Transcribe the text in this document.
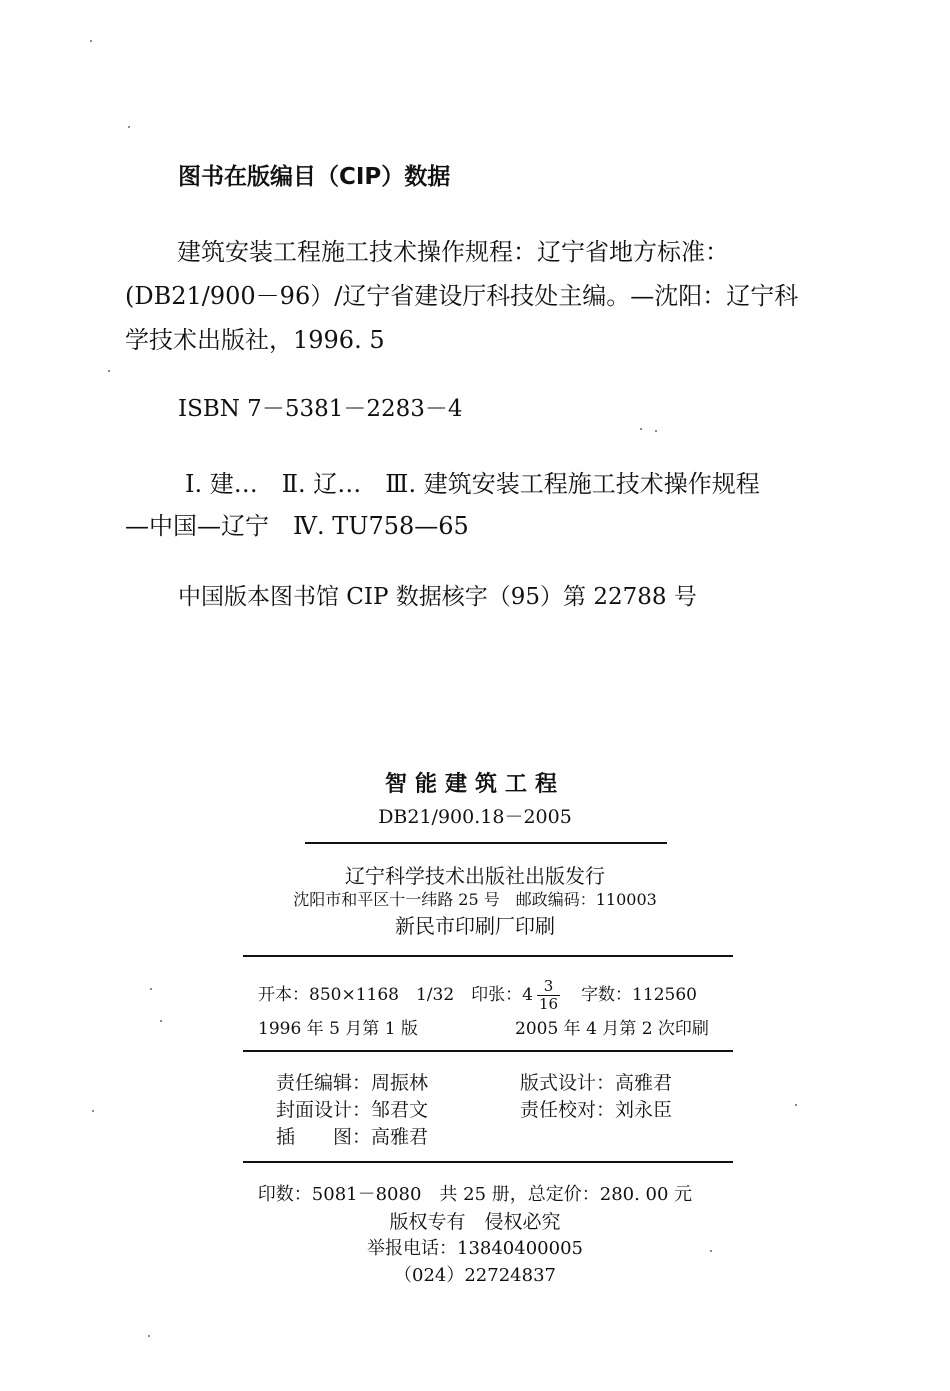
图书在版编目（CIP）数据
建筑安装工程施工技术操作规程：辽宁省地方标准：
(DB21/900－96）/辽宁省建设厅科技处主编。—沈阳：辽宁科
学技术出版社，1996. 5
ISBN 7－5381－2283－4
Ⅰ. 建…　Ⅱ. 辽…　Ⅲ. 建筑安装工程施工技术操作规程
—中国—辽宁　Ⅳ. TU758—65
中国版本图书馆 CIP 数据核字（95）第 22788 号
智能建筑工程
DB21/900.18－2005
辽宁科学技术出版社出版发行
沈阳市和平区十一纬路 25 号　邮政编码：110003
新民市印刷厂印刷
开本：850×1168　1/32　 印张：$4 \frac{3}{16}$
　 字数：112560
1996 年 5 月第 1 版	2005 年 4 月第 2 次印刷
责任编辑：周振林	版式设计：高雅君
封面设计：邹君文	责任校对：刘永臣
插　　图：高雅君
印数：5081－8080　共 25 册，总定价：280. 00 元
版权专有　侵权必究
举报电话：13840400005
（024）22724837
